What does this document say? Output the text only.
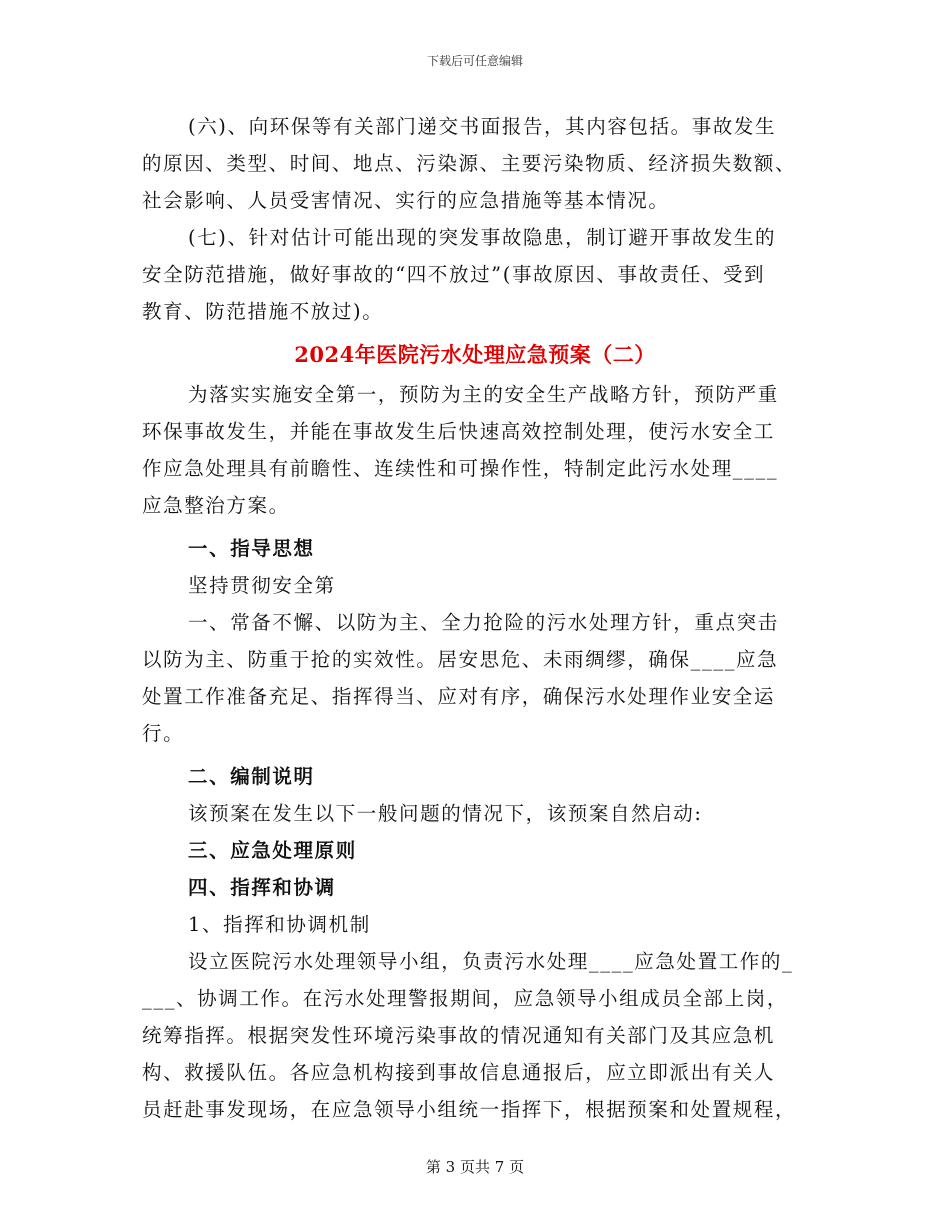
下载后可任意编辑
(六)、向环保等有关部门递交书面报告，其内容包括。事故发生
的原因、类型、时间、地点、污染源、主要污染物质、经济损失数额、
社会影响、人员受害情况、实行的应急措施等基本情况。
(七)、针对估计可能出现的突发事故隐患，制订避开事故发生的
安全防范措施，做好事故的“四不放过”(事故原因、事故责任、受到
教育、防范措施不放过)。
2024年医院污水处理应急预案（二）
为落实实施安全第一，预防为主的安全生产战略方针，预防严重
环保事故发生，并能在事故发生后快速高效控制处理，使污水安全工
作应急处理具有前瞻性、连续性和可操作性，特制定此污水处理____
应急整治方案。
一、指导思想
坚持贯彻安全第
一、常备不懈、以防为主、全力抢险的污水处理方针，重点突击
以防为主、防重于抢的实效性。居安思危、未雨绸缪，确保____应急
处置工作准备充足、指挥得当、应对有序，确保污水处理作业安全运
行。
二、编制说明
该预案在发生以下一般问题的情况下，该预案自然启动:
三、应急处理原则
四、指挥和协调
1、指挥和协调机制
设立医院污水处理领导小组，负责污水处理____应急处置工作的_
___、协调工作。在污水处理警报期间，应急领导小组成员全部上岗，
统筹指挥。根据突发性环境污染事故的情况通知有关部门及其应急机
构、救援队伍。各应急机构接到事故信息通报后，应立即派出有关人
员赶赴事发现场，在应急领导小组统一指挥下，根据预案和处置规程，
第 3 页共 7 页
